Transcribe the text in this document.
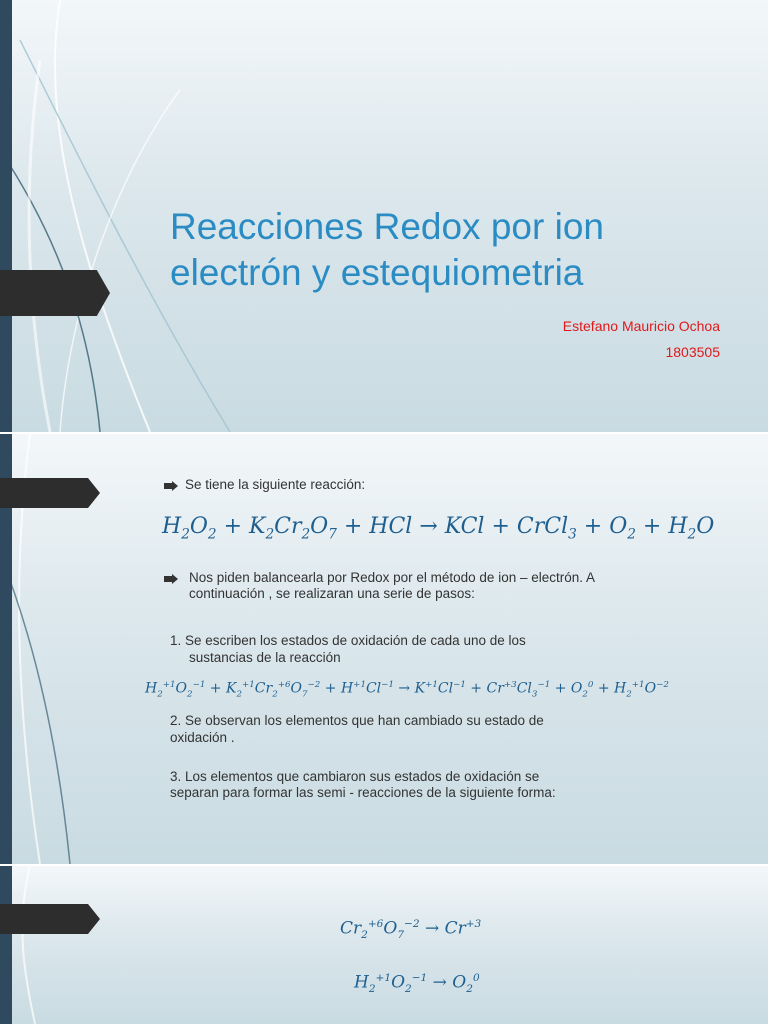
Reacciones Redox por ion
electrón y estequiometria
Estefano Mauricio Ochoa
1803505
Se tiene la siguiente reacción:
$H_2O_2 + K_2Cr_2O_7$ + HCl → KCl + CrCl$_3$ + $O_2 + H_2O$
Nos piden balancearla por Redox por el método de ion – electrón. A
continuación , se realizaran una serie de pasos:
1. Se escriben los estados de oxidación de cada uno de los
sustancias de la reacción
$H_2^{+1}O_2^{-1} + K_2^{+1}Cr_2^{+6}O_7^{-2} + H^{+1}Cl^{-1} \to K^{+1}Cl^{-1} + Cr^{+3}Cl_3^{-1} + O_2^0 + H_2^{+1}O^{-2}$
2. Se observan los elementos que han cambiado su estado de
oxidación .
3. Los elementos que cambiaron sus estados de oxidación se
separan para formar las semi - reacciones de la siguiente forma:
$Cr_2^{+6}O_7^{-2} \to Cr^{+3}$
$H_2^{+1}O_2^{-1} \to O_2^0$
